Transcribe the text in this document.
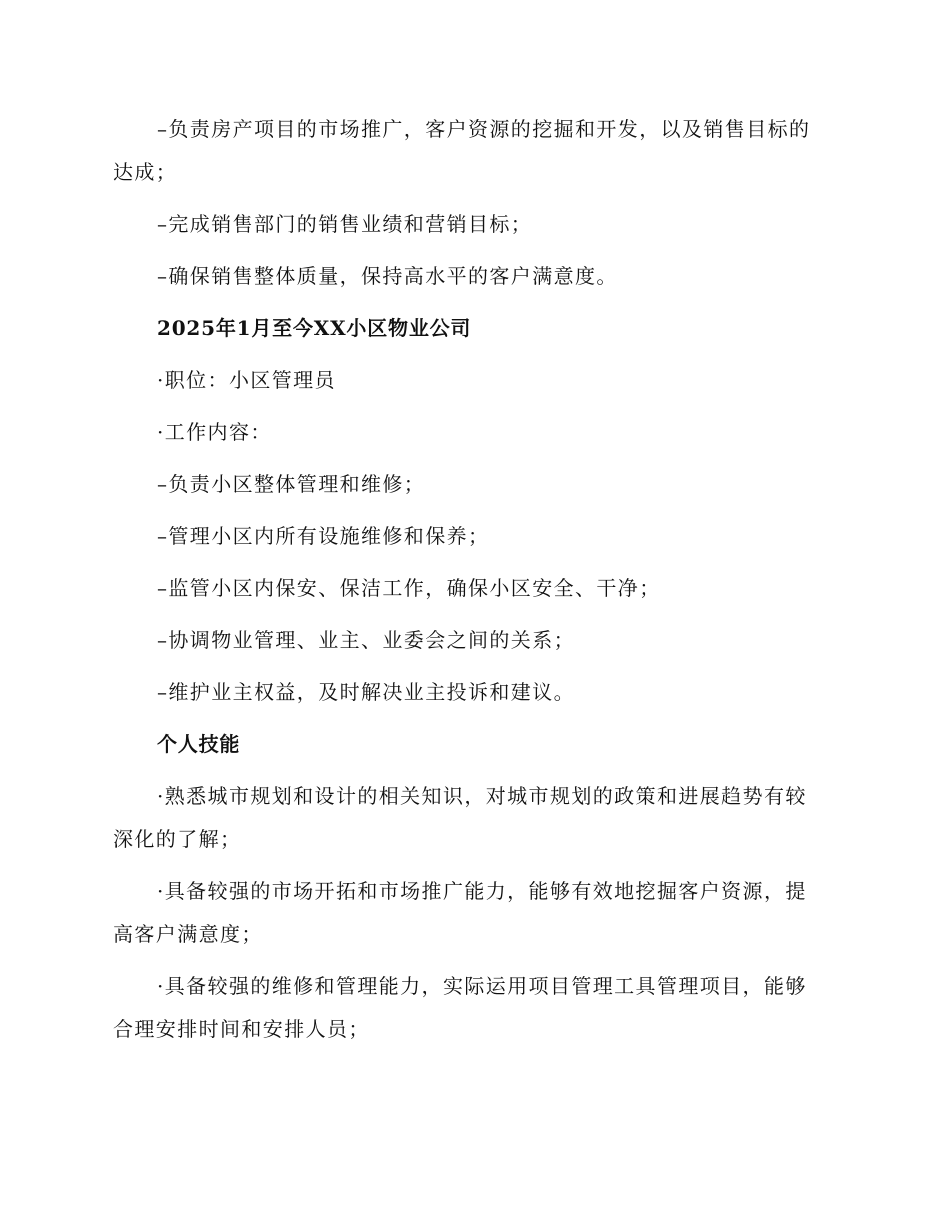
–负责房产项目的市场推广，客户资源的挖掘和开发，以及销售目标的达成；

–完成销售部门的销售业绩和营销目标；

–确保销售整体质量，保持高水平的客户满意度。

2025年1月至今XX小区物业公司

·职位：小区管理员

·工作内容：

–负责小区整体管理和维修；

–管理小区内所有设施维修和保养；

–监管小区内保安、保洁工作，确保小区安全、干净；

–协调物业管理、业主、业委会之间的关系；

–维护业主权益，及时解决业主投诉和建议。

个人技能

·熟悉城市规划和设计的相关知识，对城市规划的政策和进展趋势有较深化的了解；

·具备较强的市场开拓和市场推广能力，能够有效地挖掘客户资源，提高客户满意度；

·具备较强的维修和管理能力，实际运用项目管理工具管理项目，能够合理安排时间和安排人员；
